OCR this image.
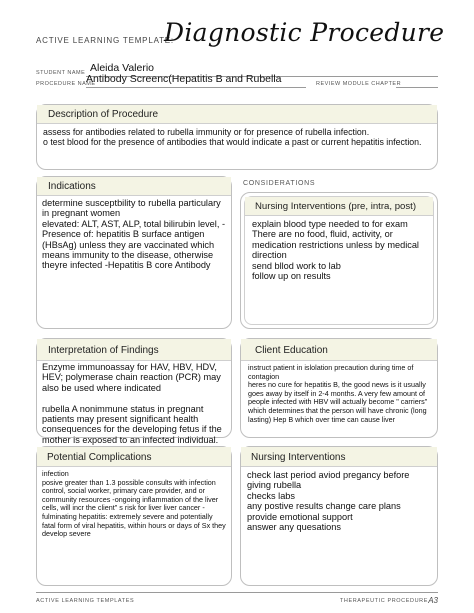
ACTIVE LEARNING TEMPLATE:
Diagnostic Procedure
STUDENT NAME Aleida Valerio
PROCEDURE NAME
Antibody Screenc(Hepatitis B and Rubella	REVIEW MODULE CHAPTER
Description of Procedure
assess for antibodies related to rubella immunity or for presence of rubella infection.
o test blood for the presence of antibodies that would indicate a past or current hepatitis infection.
Indications
determine susceptbility to rubella particulary in pregnant women
elevated: ALT, AST, ALP, total bilirubin level, -Presence of: hepatitis B surface antigen (HBsAg) unless they are vaccinated which means immunity to the disease, otherwise theyre infected -Hepatitis B core Antibody
CONSIDERATIONS
Nursing Interventions (pre, intra, post)
explain blood type needed to for exam
There are no food, fluid, activity, or medication restrictions unless by medical direction
send bllod work to lab
follow up on results
Interpretation of Findings
Enzyme immunoassay for HAV, HBV, HDV, HEV; polymerase chain reaction (PCR) may also be used where indicated

rubella A nonimmune status in pregnant patients may present significant health consequences for the developing fetus if the mother is exposed to an infected individual.
Client Education
instruct patient in islolation precaution during time of contagion
heres no cure for hepatitis B, the good news is it usually goes away by itself in 2-4 months. A very few amount of people infected with HBV will actually become " carriers" which determines that the person will have chronic (long lasting) Hep B which over time can cause liver
Potential Complications
infection
posive greater than 1.3 possible consults with infection control, social worker, primary care provider, and or community resources -ongoing inflammation of the liver cells, will incr the client" s risk for liver liver cancer -fulminating hepatitis: extremely severe and potentially fatal form of viral hepatitis, within hours or days of Sx they develop severe
Nursing Interventions
check last period aviod pregancy before giving rubella
checks labs
any postive results change care plans
provide emotional support
answer any quesations
ACTIVE LEARNING TEMPLATES	THERAPEUTIC PROCEDURE A3
